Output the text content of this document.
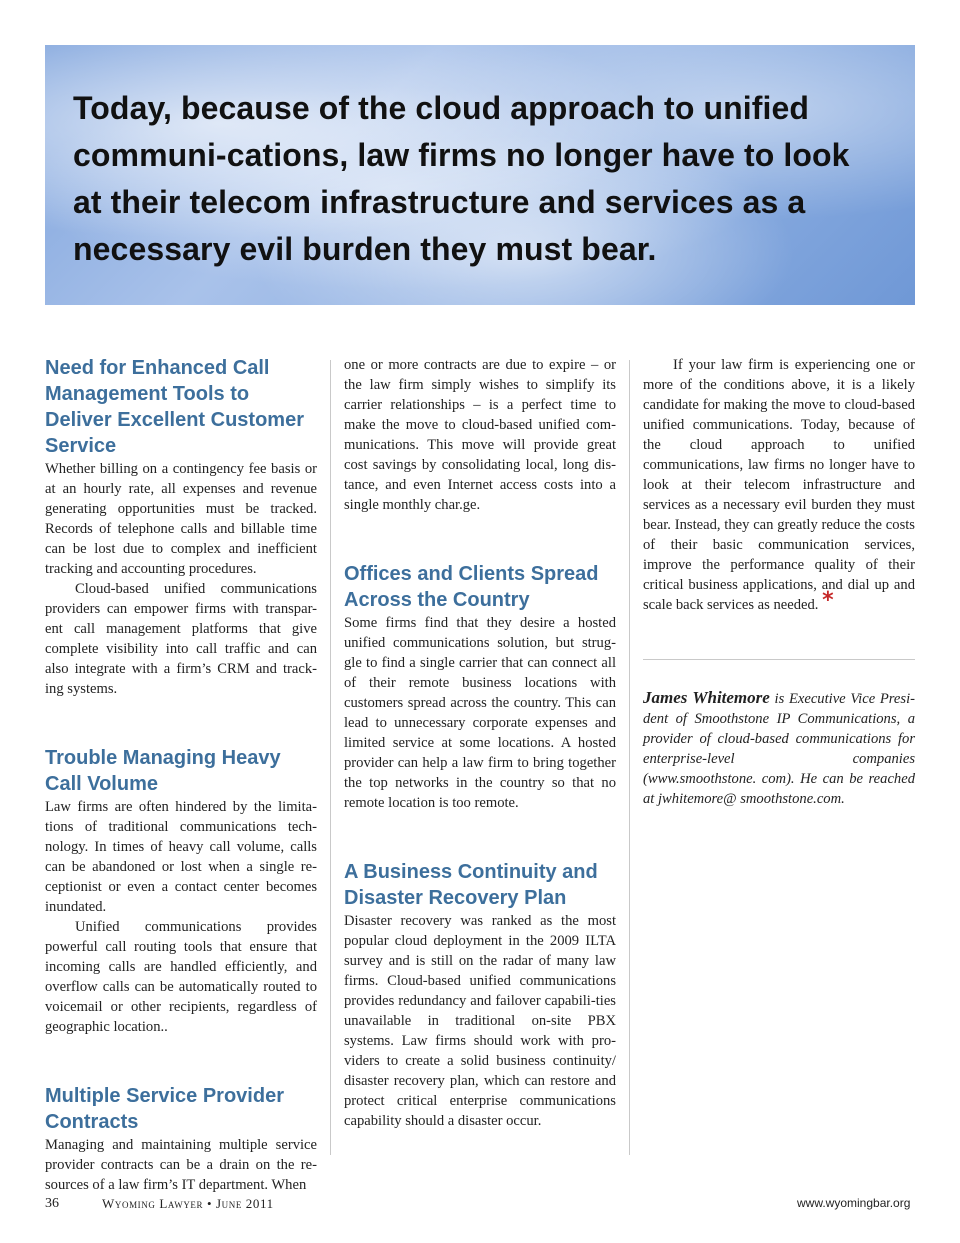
Today, because of the cloud approach to unified communi-cations, law firms no longer have to look at their telecom infrastructure and services as a necessary evil burden they must bear.

Need for Enhanced Call Management Tools to Deliver Excellent Customer Service

Whether billing on a contingency fee basis or at an hourly rate, all expenses and revenue generating opportunities must be tracked. Records of telephone calls and billable time can be lost due to complex and inefficient tracking and accounting procedures.

Cloud-based unified communications providers can empower firms with transpar-ent call management platforms that give complete visibility into call traffic and can also integrate with a firm’s CRM and track-ing systems.

Trouble Managing Heavy Call Volume

Law firms are often hindered by the limita-tions of traditional communications tech-nology. In times of heavy call volume, calls can be abandoned or lost when a single re-ceptionist or even a contact center becomes inundated.

Unified communications provides powerful call routing tools that ensure that incoming calls are handled efficiently, and overflow calls can be automatically routed to voicemail or other recipients, regardless of geographic location..

Multiple Service Provider Contracts

Managing and maintaining multiple service provider contracts can be a drain on the re-sources of a law firm’s IT department. When

one or more contracts are due to expire – or the law firm simply wishes to simplify its carrier relationships – is a perfect time to make the move to cloud-based unified com-munications. This move will provide great cost savings by consolidating local, long dis-tance, and even Internet access costs into a single monthly char.ge.

Offices and Clients Spread Across the Country

Some firms find that they desire a hosted unified communications solution, but strug-gle to find a single carrier that can connect all of their remote business locations with customers spread across the country. This can lead to unnecessary corporate expenses and limited service at some locations. A hosted provider can help a law firm to bring together the top networks in the country so that no remote location is too remote.

A Business Continuity and Disaster Recovery Plan

Disaster recovery was ranked as the most popular cloud deployment in the 2009 ILTA survey and is still on the radar of many law firms. Cloud-based unified communications provides redundancy and failover capabili-ties unavailable in traditional on-site PBX systems. Law firms should work with pro-viders to create a solid business continuity/ disaster recovery plan, which can restore and protect critical enterprise communications capability should a disaster occur.

If your law firm is experiencing one or more of the conditions above, it is a likely candidate for making the move to cloud-based unified communications. Today, because of the cloud approach to unified communications, law firms no longer have to look at their telecom infrastructure and services as a necessary evil burden they must bear. Instead, they can greatly reduce the costs of their basic communication services, improve the performance quality of their critical business applications, and dial up and scale back services as needed. *

James Whitemore is Executive Vice Presi-dent of Smoothstone IP Communications, a provider of cloud-based communications for enterprise-level companies (www.smoothstone. com). He can be reached at jwhitemore@ smoothstone.com.

36	Wyoming Lawyer • June 2011	www.wyomingbar.org
